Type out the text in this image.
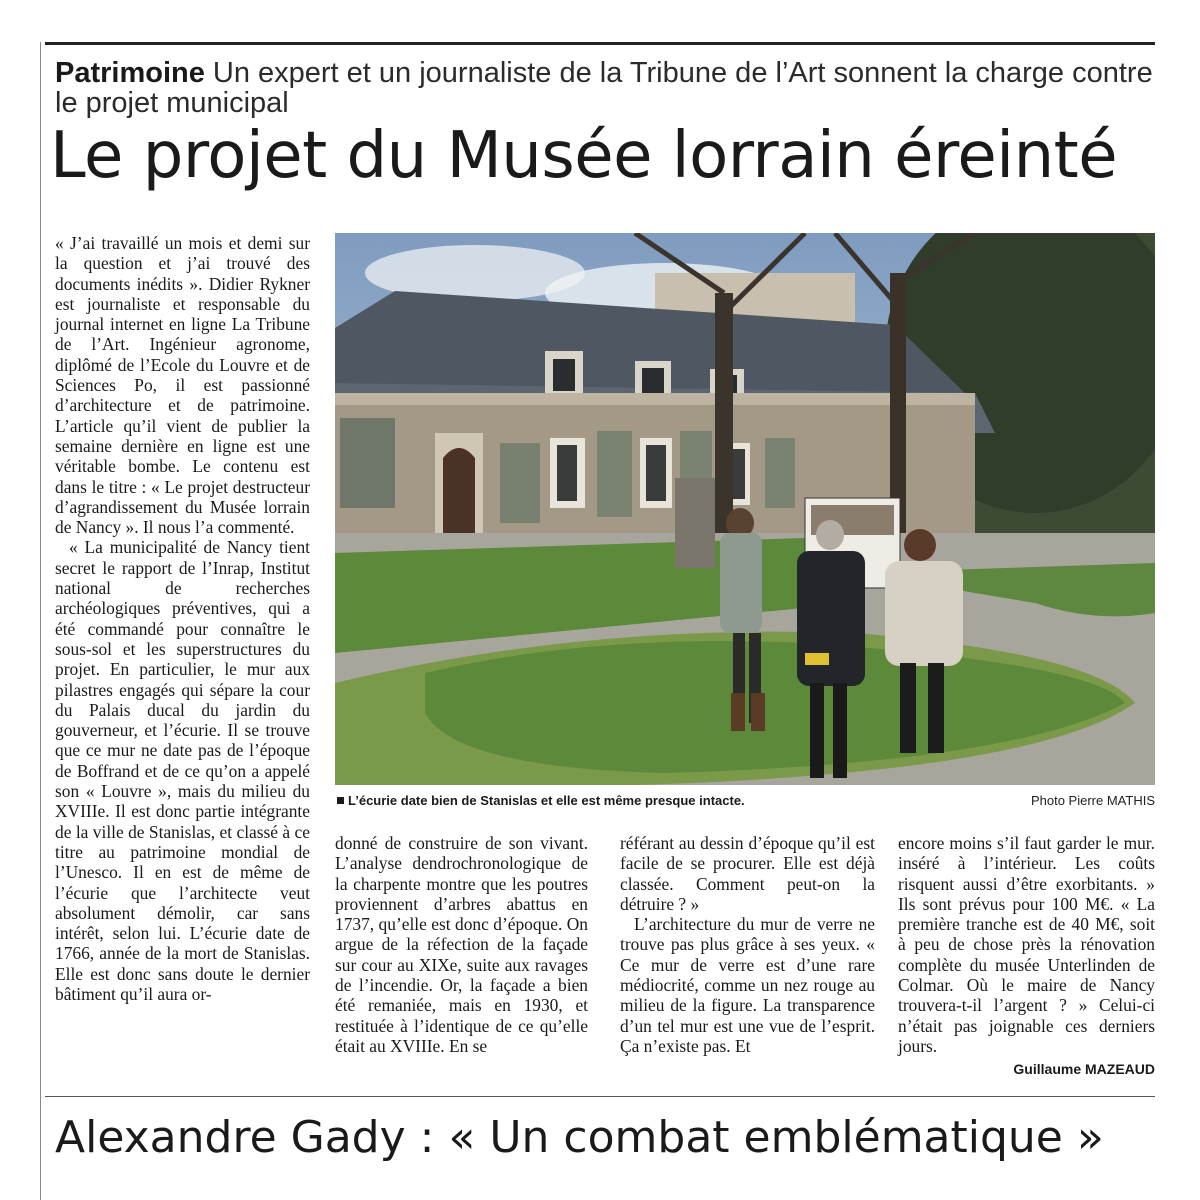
Patrimoine Un expert et un journaliste de la Tribune de l’Art sonnent la charge contre le projet municipal
Le projet du Musée lorrain éreinté

« J’ai travaillé un mois et demi sur la question et j’ai trouvé des documents inédits ». Didier Rykner est journaliste et responsable du journal internet en ligne La Tribune de l’Art. Ingénieur agronome, diplômé de l’Ecole du Louvre et de Sciences Po, il est passionné d’architecture et de patrimoine. L’article qu’il vient de publier la semaine dernière en ligne est une véritable bombe. Le contenu est dans le titre : « Le projet destructeur d’agrandissement du Musée lorrain de Nancy ». Il nous l’a commenté.

« La municipalité de Nancy tient secret le rapport de l’Inrap, Institut national de recherches archéologiques préventives, qui a été commandé pour connaître le sous-sol et les superstructures du projet. En particulier, le mur aux pilastres engagés qui sépare la cour du Palais ducal du jardin du gouverneur, et l’écurie. Il se trouve que ce mur ne date pas de l’époque de Boffrand et de ce qu’on a appelé son « Louvre », mais du milieu du XVIIIe. Il est donc partie intégrante de la ville de Stanislas, et classé à ce titre au patrimoine mondial de l’Unesco. Il en est de même de l’écurie que l’architecte veut absolument démolir, car sans intérêt, selon lui. L’écurie date de 1766, année de la mort de Stanislas. Elle est donc sans doute le dernier bâtiment qu’il aura or-

L’écurie date bien de Stanislas et elle est même presque intacte.	Photo Pierre MATHIS

donné de construire de son vivant. L’analyse dendrochronologique de la charpente montre que les poutres proviennent d’arbres abattus en 1737, qu’elle est donc d’époque. On argue de la réfection de la façade sur cour au XIXe, suite aux ravages de l’incendie. Or, la façade a bien été remaniée, mais en 1930, et restituée à l’identique de ce qu’elle était au XVIIIe. En se

référant au dessin d’époque qu’il est facile de se procurer. Elle est déjà classée. Comment peut-on la détruire ? »

L’architecture du mur de verre ne trouve pas plus grâce à ses yeux. « Ce mur de verre est d’une rare médiocrité, comme un nez rouge au milieu de la figure. La transparence d’un tel mur est une vue de l’esprit. Ça n’existe pas. Et

encore moins s’il faut garder le mur. inséré à l’intérieur. Les coûts risquent aussi d’être exorbitants. » Ils sont prévus pour 100 M€. « La première tranche est de 40 M€, soit à peu de chose près la rénovation complète du musée Unterlinden de Colmar. Où le maire de Nancy trouvera-t-il l’argent ? » Celui-ci n’était pas joignable ces derniers jours.

Guillaume MAZEAUD
Alexandre Gady : « Un combat emblématique »
